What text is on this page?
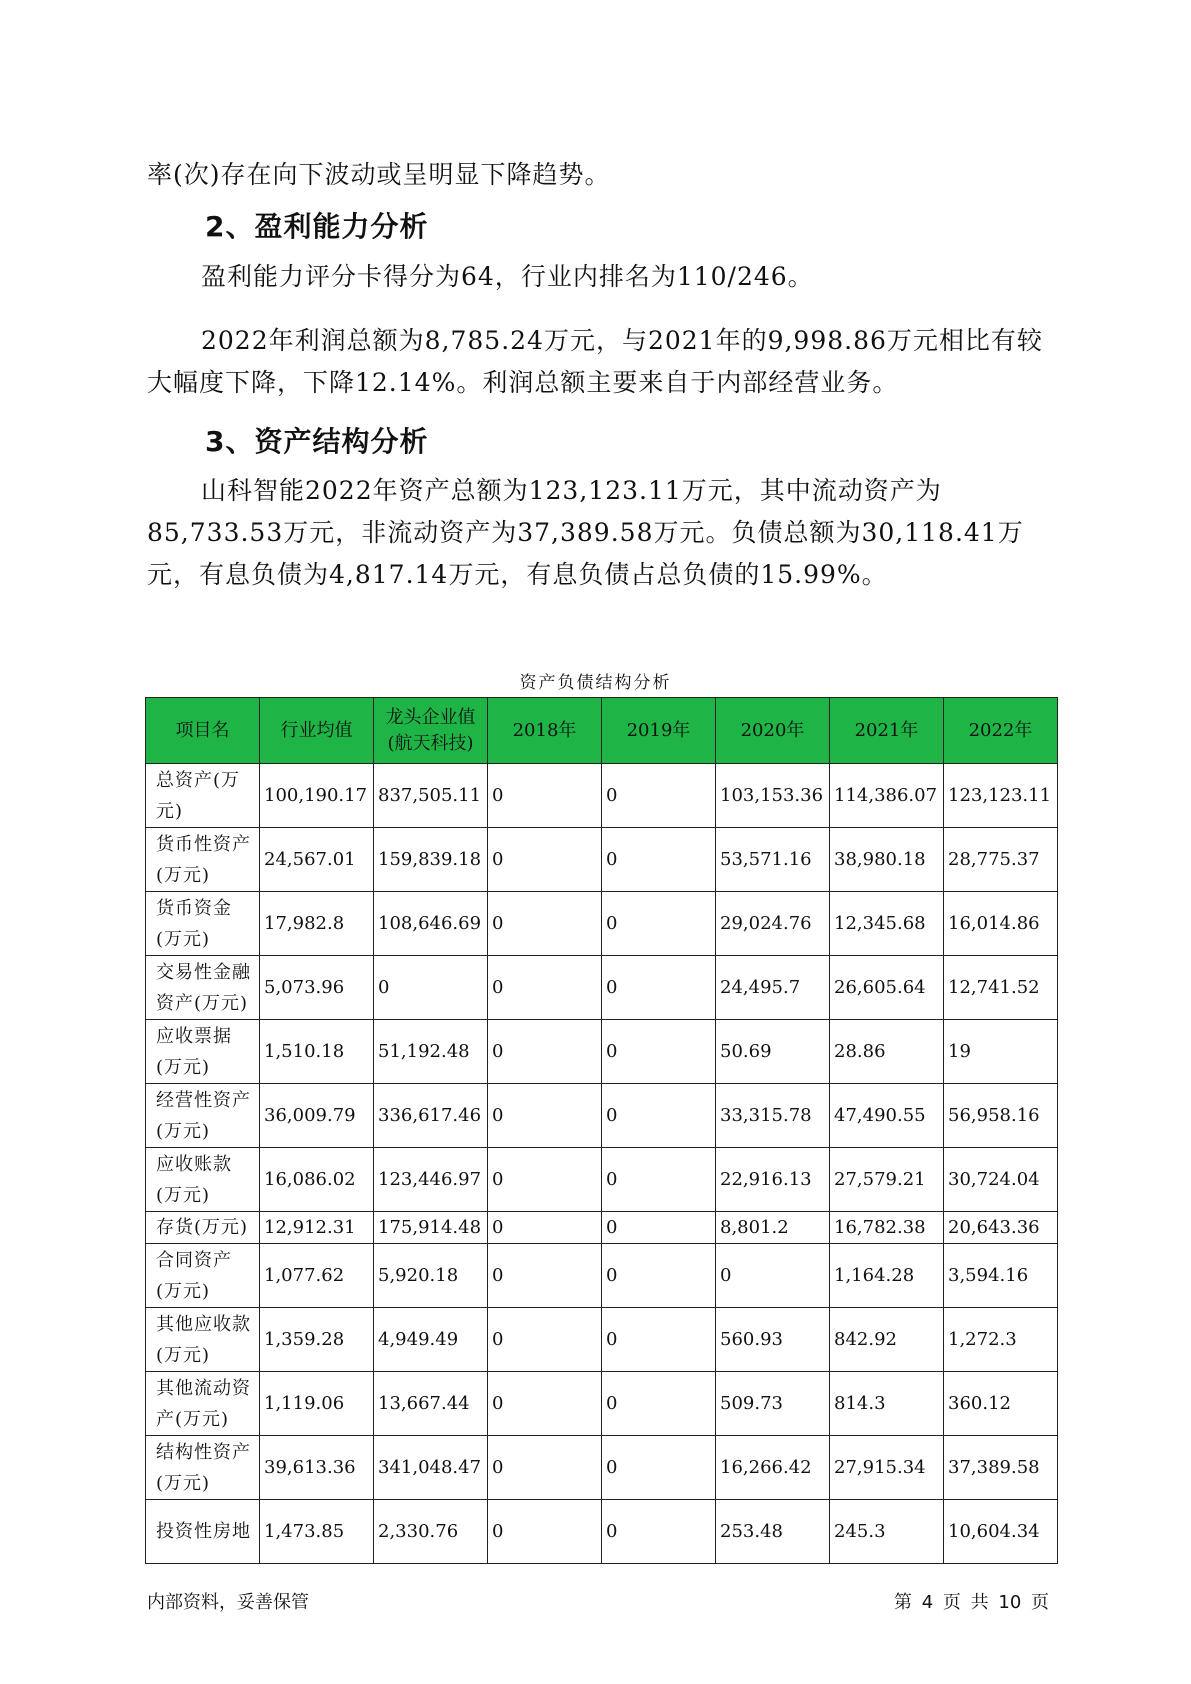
率(次)存在向下波动或呈明显下降趋势。

2、盈利能力分析

盈利能力评分卡得分为64，行业内排名为110/246。

2022年利润总额为8,785.24万元，与2021年的9,998.86万元相比有较大幅度下降，下降12.14%。利润总额主要来自于内部经营业务。

3、资产结构分析

山科智能2022年资产总额为123,123.11万元，其中流动资产为85,733.53万元，非流动资产为37,389.58万元。负债总额为30,118.41万元，有息负债为4,817.14万元，有息负债占总负债的15.99%。

资产负债结构分析
项目名	行业均值	龙头企业值(航天科技)	2018年	2019年	2020年	2021年	2022年
总资产(万元)	100,190.17	837,505.11	0	0	103,153.36	114,386.07	123,123.11
货币性资产(万元)	24,567.01	159,839.18	0	0	53,571.16	38,980.18	28,775.37
货币资金(万元)	17,982.8	108,646.69	0	0	29,024.76	12,345.68	16,014.86
交易性金融资产(万元)	5,073.96	0	0	0	24,495.7	26,605.64	12,741.52
应收票据(万元)	1,510.18	51,192.48	0	0	50.69	28.86	19
经营性资产(万元)	36,009.79	336,617.46	0	0	33,315.78	47,490.55	56,958.16
应收账款(万元)	16,086.02	123,446.97	0	0	22,916.13	27,579.21	30,724.04
存货(万元)	12,912.31	175,914.48	0	0	8,801.2	16,782.38	20,643.36
合同资产(万元)	1,077.62	5,920.18	0	0	0	1,164.28	3,594.16
其他应收款(万元)	1,359.28	4,949.49	0	0	560.93	842.92	1,272.3
其他流动资产(万元)	1,119.06	13,667.44	0	0	509.73	814.3	360.12
结构性资产(万元)	39,613.36	341,048.47	0	0	16,266.42	27,915.34	37,389.58
投资性房地	1,473.85	2,330.76	0	0	253.48	245.3	10,604.34
内部资料，妥善保管	第 4 页 共 10 页
